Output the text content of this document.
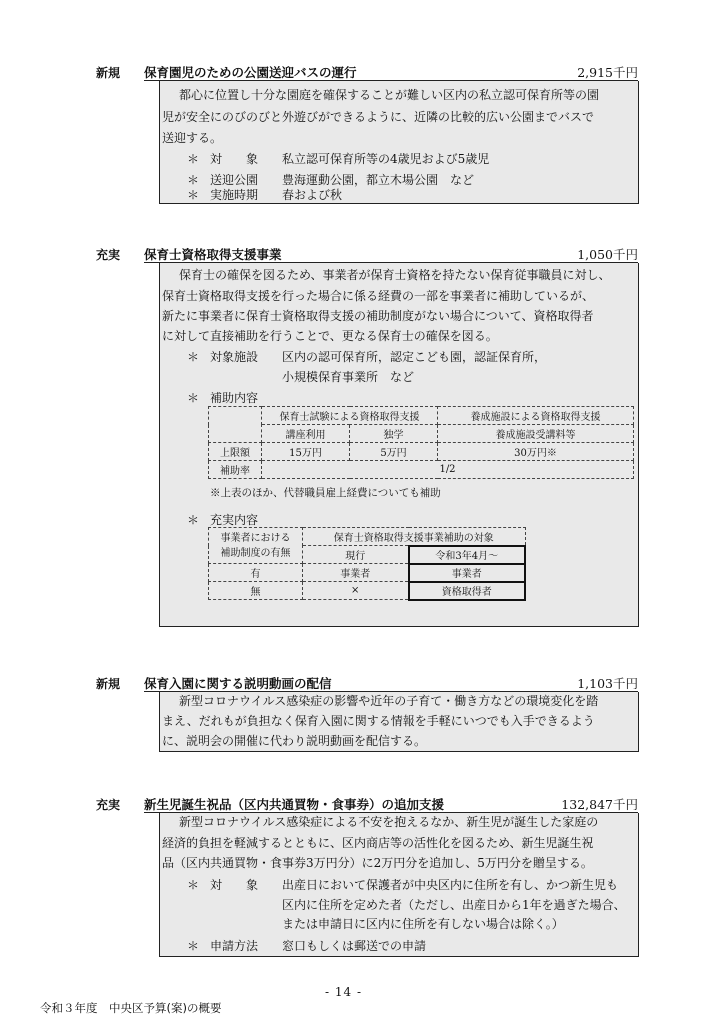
新規 保育園児のための公園送迎バスの運行	2,915千円
都心に位置し十分な園庭を確保することが難しい区内の私立認可保育所等の園
児が安全にのびのびと外遊びができるように、近隣の比較的広い公園までバスで
送迎する。
＊ 対　　象 私立認可保育所等の4歳児および5歳児
＊ 送迎公園 豊海運動公園，都立木場公園　など
＊ 実施時期 春および秋
充実 保育士資格取得支援事業	1,050千円
保育士の確保を図るため、事業者が保育士資格を持たない保育従事職員に対し、
保育士資格取得支援を行った場合に係る経費の一部を事業者に補助しているが、
新たに事業者に保育士資格取得支援の補助制度がない場合について、資格取得者
に対して直接補助を行うことで、更なる保育士の確保を図る。
＊ 対象施設 区内の認可保育所，認定こども園，認証保育所，
小規模保育事業所　など
＊ 補助内容
	保育士試験による資格取得支援		養成施設による資格取得支援
	講座利用	独学	養成施設受講料等
上限額	15万円	5万円	30万円※
補助率	1/2		
※上表のほか、代替職員雇上経費についても補助
＊ 充実内容
事業者における
補助制度の有無	保育士資格取得支援事業補助の対象	
	現行	令和3年4月～
有	事業者	事業者
無	×	資格取得者
新規 保育入園に関する説明動画の配信	1,103千円
新型コロナウイルス感染症の影響や近年の子育て・働き方などの環境変化を踏
まえ、だれもが負担なく保育入園に関する情報を手軽にいつでも入手できるよう
に、説明会の開催に代わり説明動画を配信する。
充実 新生児誕生祝品（区内共通買物・食事券）の追加支援	132,847千円
新型コロナウイルス感染症による不安を抱えるなか、新生児が誕生した家庭の
経済的負担を軽減するとともに、区内商店等の活性化を図るため、新生児誕生祝
品（区内共通買物・食事券3万円分）に2万円分を追加し、5万円分を贈呈する。
＊ 対　　象 出産日において保護者が中央区内に住所を有し、かつ新生児も
区内に住所を定めた者（ただし、出産日から1年を過ぎた場合、
または申請日に区内に住所を有しない場合は除く。）
＊ 申請方法 窓口もしくは郵送での申請
- 14 -
令和３年度　中央区予算(案)の概要
